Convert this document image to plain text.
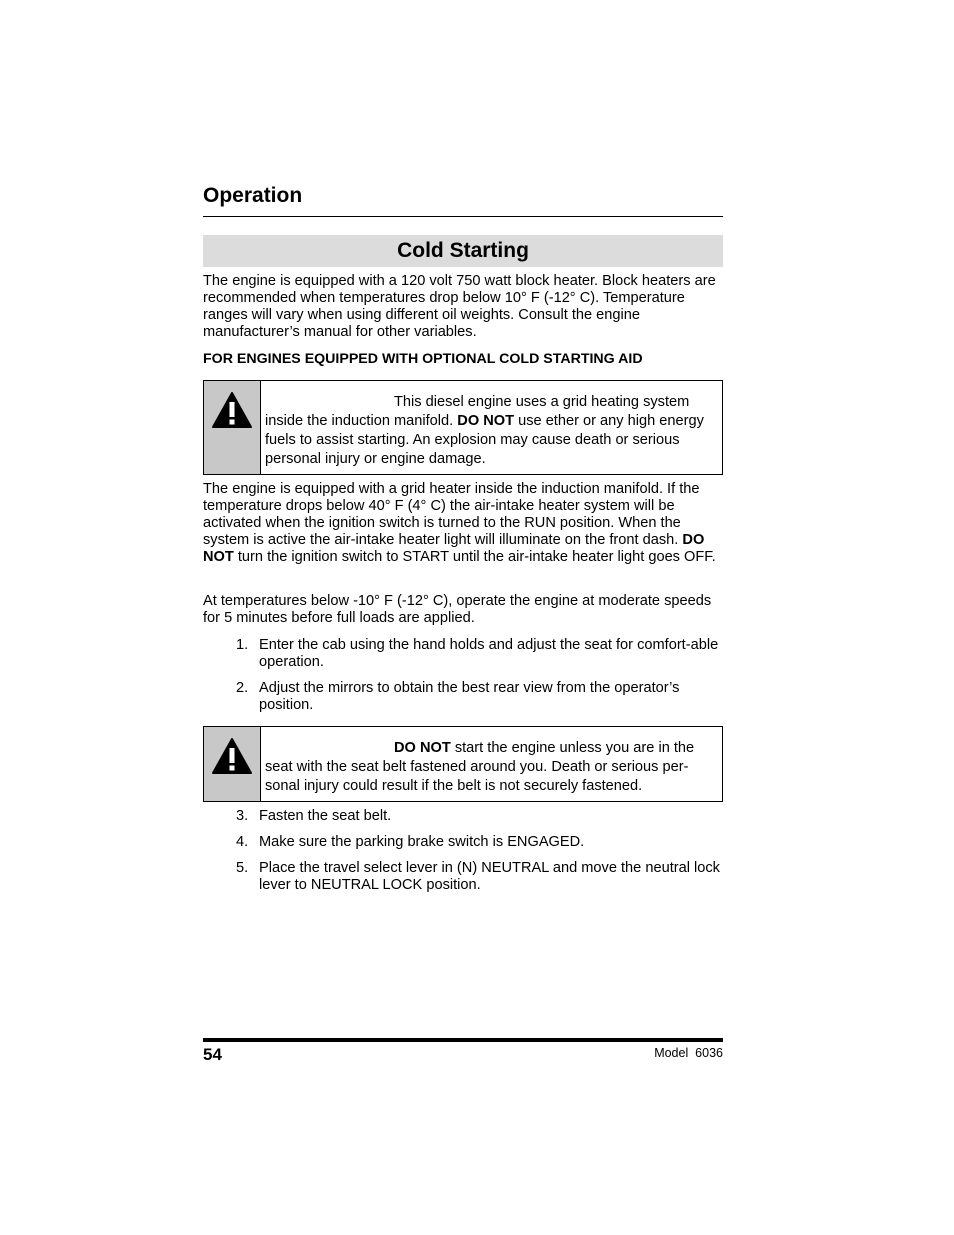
Operation
Cold Starting

The engine is equipped with a 120 volt 750 watt block heater. Block heaters are recommended when temperatures drop below 10° F (-12° C). Temperature ranges will vary when using different oil weights. Consult the engine manufacturer’s manual for other variables.

FOR ENGINES EQUIPPED WITH OPTIONAL COLD STARTING AID

This diesel engine uses a grid heating system inside the induction manifold. DO NOT use ether or any high energy fuels to assist starting. An explosion may cause death or serious personal injury or engine damage.

The engine is equipped with a grid heater inside the induction manifold. If the temperature drops below 40° F (4° C) the air-intake heater system will be activated when the ignition switch is turned to the RUN position. When the system is active the air-intake heater light will illuminate on the front dash. DO NOT turn the ignition switch to START until the air-intake heater light goes OFF.

At temperatures below -10° F (-12° C), operate the engine at moderate speeds for 5 minutes before full loads are applied.

1. Enter the cab using the hand holds and adjust the seat for comfort-able operation.
2. Adjust the mirrors to obtain the best rear view from the operator’s position.
DO NOT start the engine unless you are in the seat with the seat belt fastened around you. Death or serious per-sonal injury could result if the belt is not securely fastened.
3. Fasten the seat belt.
4. Make sure the parking brake switch is ENGAGED.
5. Place the travel select lever in (N) NEUTRAL and move the neutral lock lever to NEUTRAL LOCK position.

54	Model  6036
